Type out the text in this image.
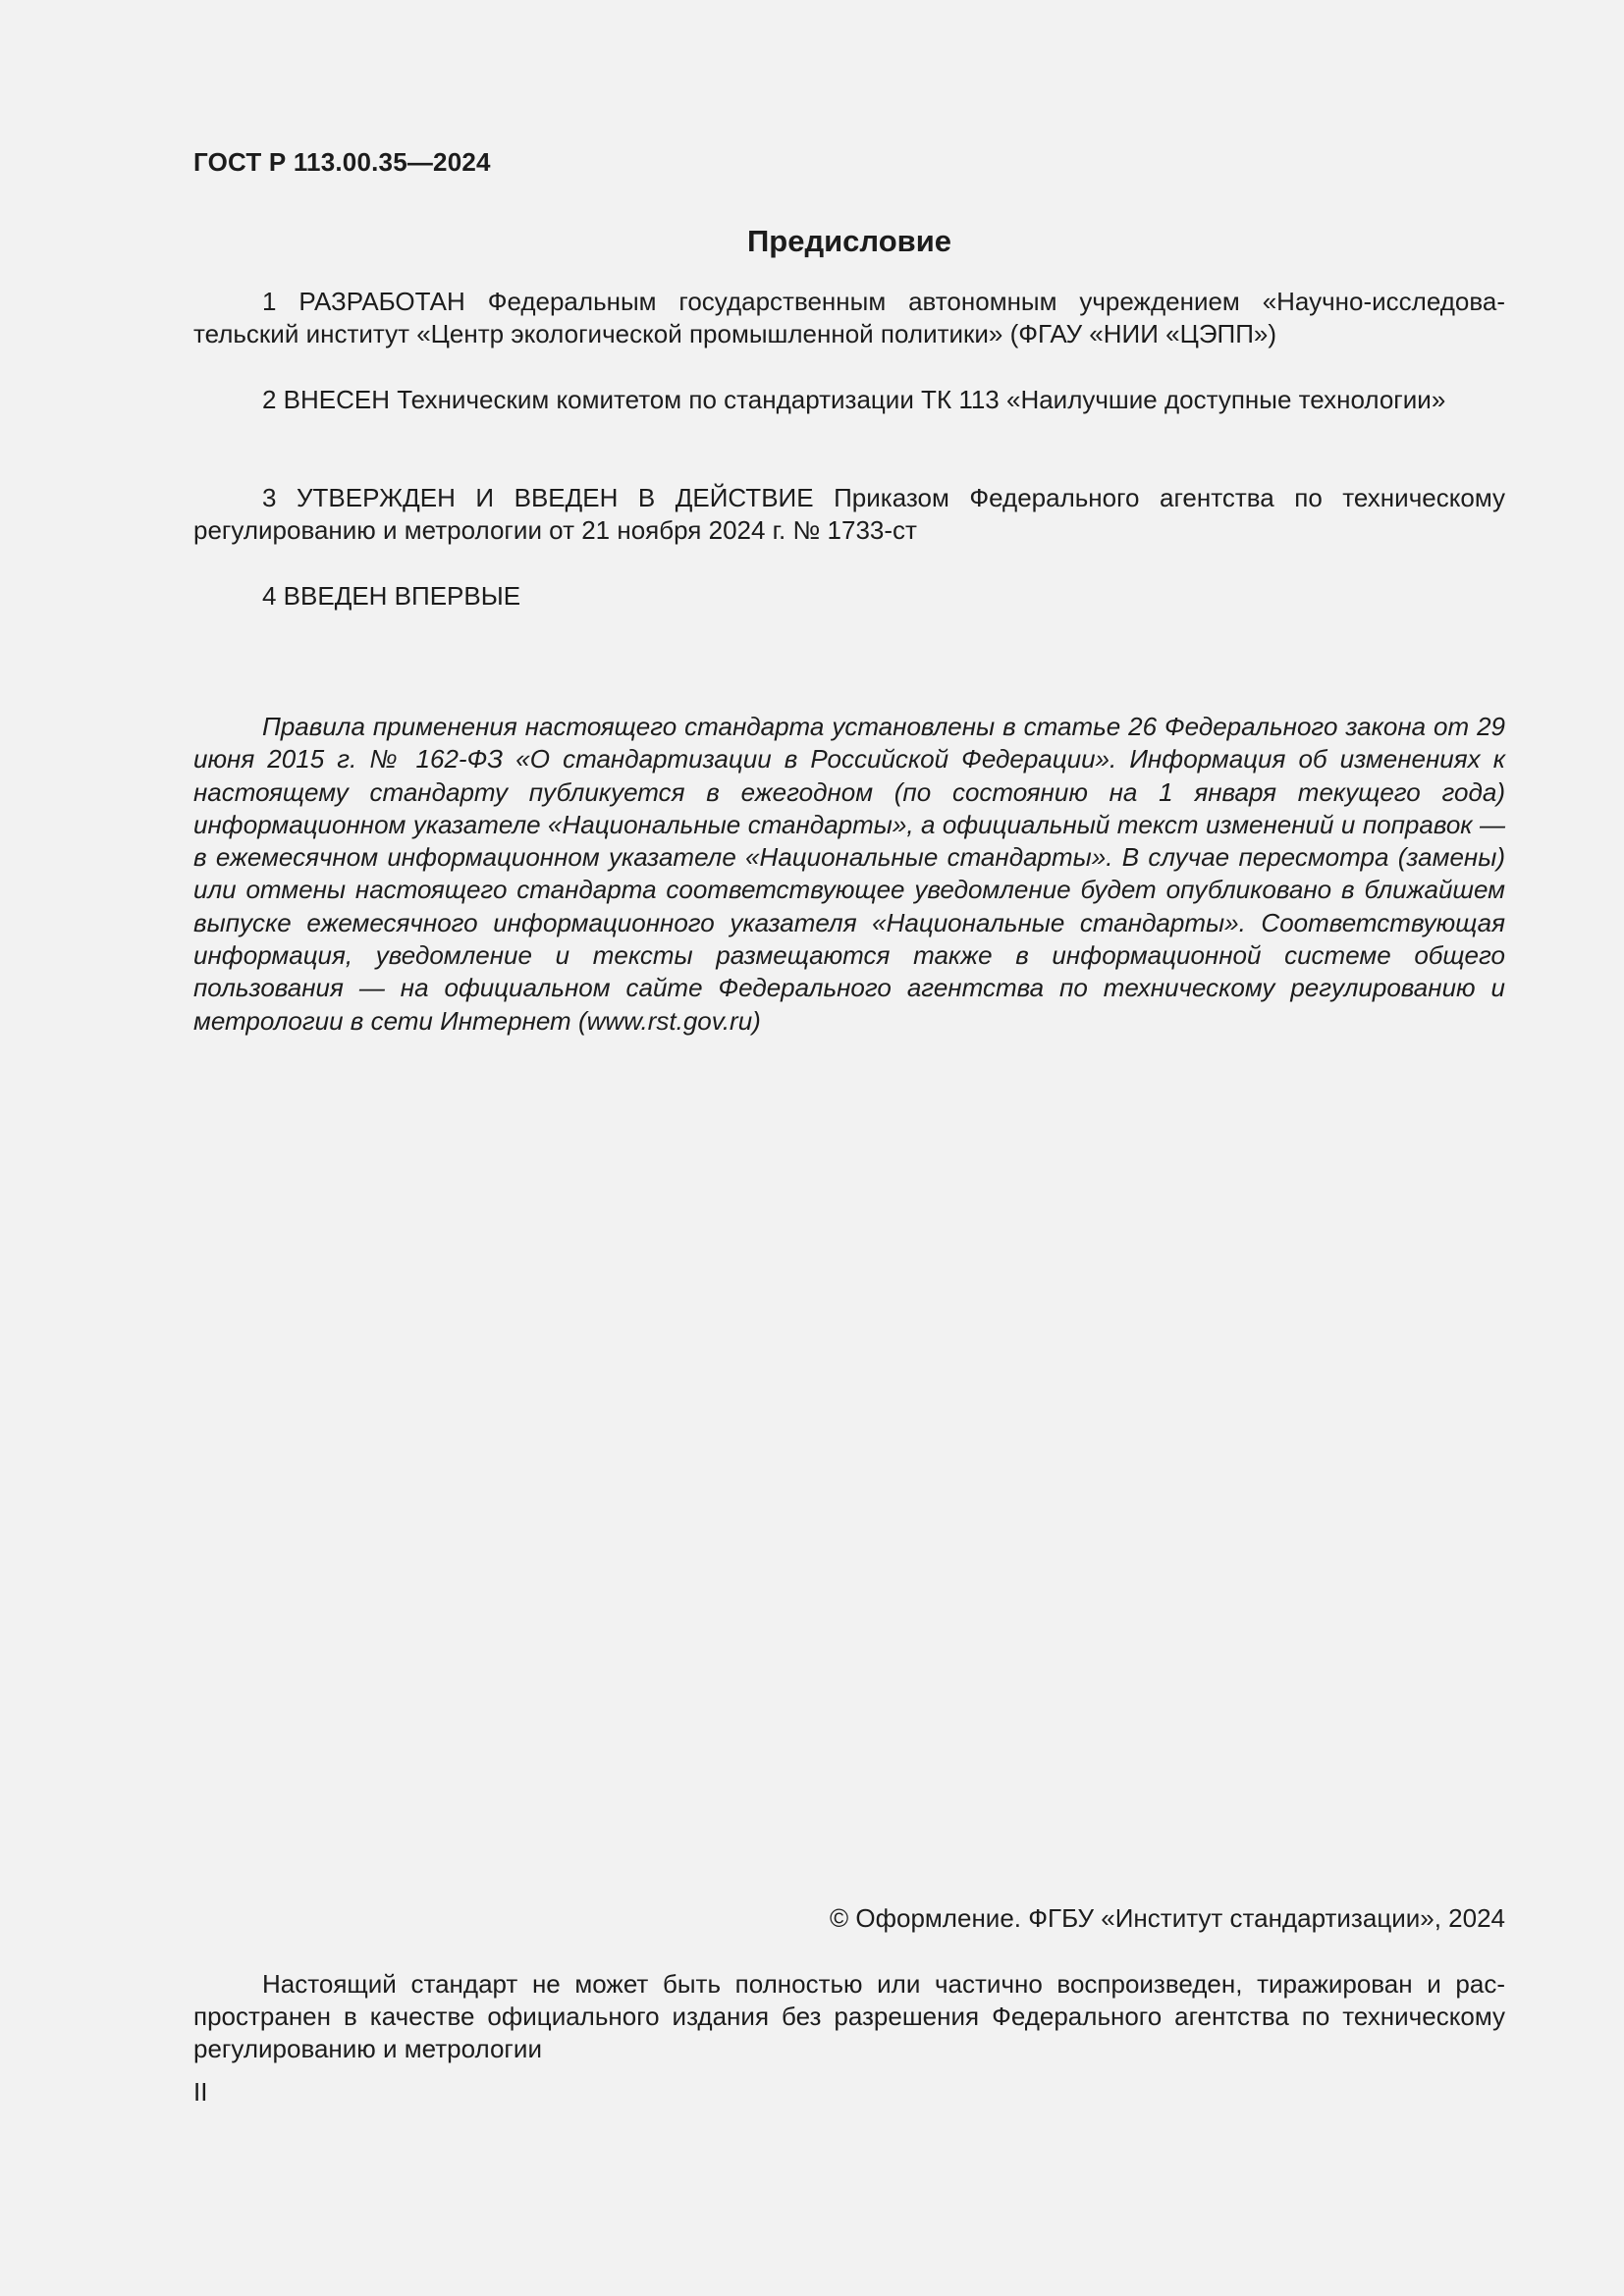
ГОСТ Р 113.00.35—2024
Предисловие

1 РАЗРАБОТАН Федеральным государственным автономным учреждением «Научно-исследовательский институт «Центр экологической промышленной политики» (ФГАУ «НИИ «ЦЭПП»)

2 ВНЕСЕН Техническим комитетом по стандартизации ТК 113 «Наилучшие доступные технологии»

3 УТВЕРЖДЕН И ВВЕДЕН В ДЕЙСТВИЕ Приказом Федерального агентства по техническому регулированию и метрологии от 21 ноября 2024 г. № 1733-ст

4 ВВЕДЕН ВПЕРВЫЕ

Правила применения настоящего стандарта установлены в статье 26 Федерального закона от 29 июня 2015 г. № 162-ФЗ «О стандартизации в Российской Федерации». Информация об изменениях к настоящему стандарту публикуется в ежегодном (по состоянию на 1 января текущего года) информационном указателе «Национальные стандарты», а официальный текст изменений и поправок — в ежемесячном информационном указателе «Национальные стандарты». В случае пересмотра (замены) или отмены настоящего стандарта соответствующее уведомление будет опубликовано в ближайшем выпуске ежемесячного информационного указателя «Национальные стандарты». Соответствующая информация, уведомление и тексты размещаются также в информационной системе общего пользования — на официальном сайте Федерального агентства по техническому регулированию и метрологии в сети Интернет (www.rst.gov.ru)

© Оформление. ФГБУ «Институт стандартизации», 2024

Настоящий стандарт не может быть полностью или частично воспроизведен, тиражирован и распространен в качестве официального издания без разрешения Федерального агентства по техническому регулированию и метрологии

II
